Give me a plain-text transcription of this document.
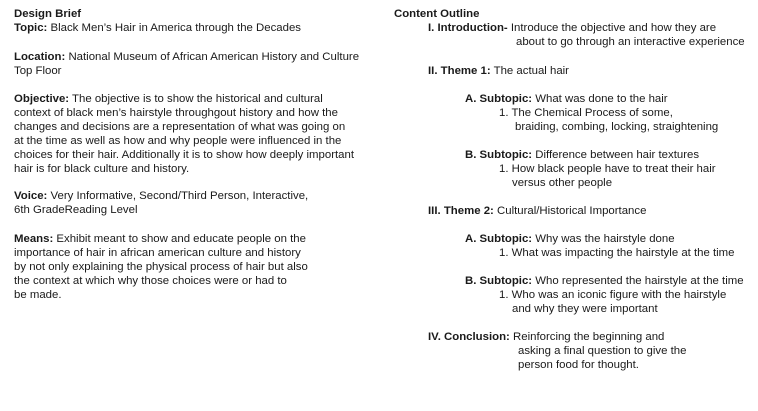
Design Brief
Topic: Black Men’s Hair in America through the Decades
Location: National Museum of African American History and Culture
Top Floor
Objective: The objective is to show the historical and cultural
context of black men’s hairstyle throughgout history and how the
changes and decisions are a representation of what was going on
at the time as well as how and why people were influenced in the
choices for their hair. Additionally it is to show how deeply important
hair is for black culture and history.
Voice: Very Informative, Second/Third Person, Interactive,
6th GradeReading Level
Means: Exhibit meant to show and educate people on the
importance of hair in african american culture and history
by not only explaining the physical process of hair but also
the context at which why those choices were or had to
be made.
Content Outline
I. Introduction- Introduce the objective and how they are
about to go through an interactive experience
II. Theme 1: The actual hair
A. Subtopic: What was done to the hair
1. The Chemical Process of some,
braiding, combing, locking, straightening
B. Subtopic: Difference between hair textures
1. How black people have to treat their hair
versus other people
III. Theme 2: Cultural/Historical Importance
A. Subtopic: Why was the hairstyle done
1. What was impacting the hairstyle at the time
B. Subtopic: Who represented the hairstyle at the time
1. Who was an iconic figure with the hairstyle
and why they were important
IV. Conclusion: Reinforcing the beginning and
asking a final question to give the
person food for thought.
